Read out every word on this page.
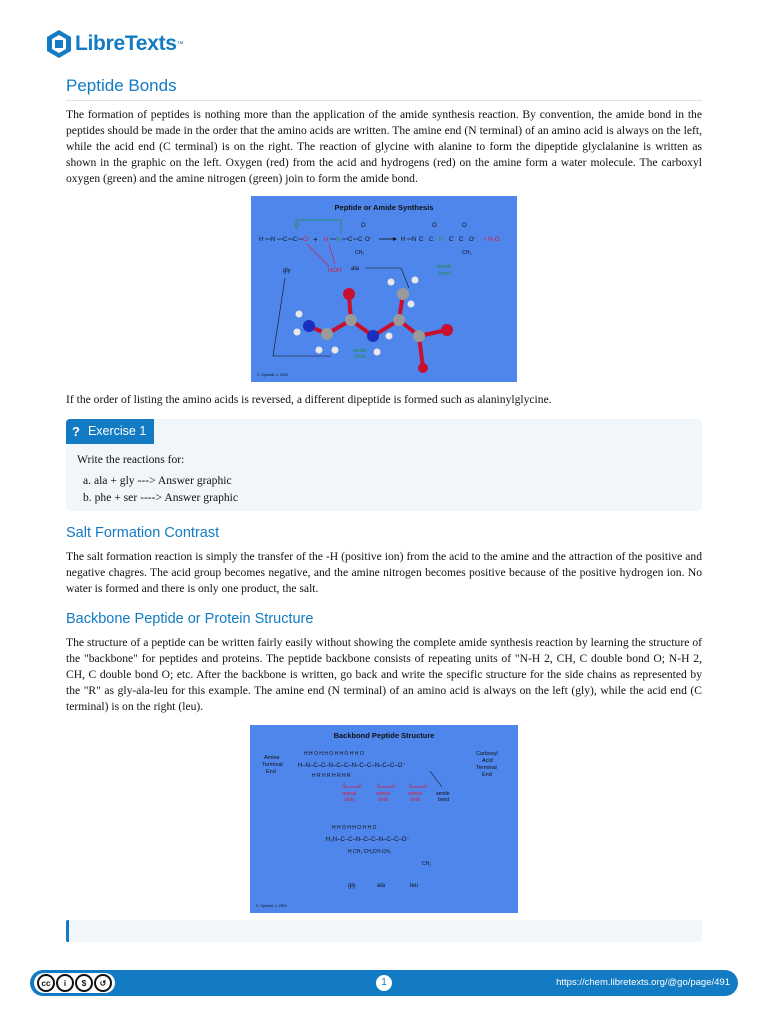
LibreTexts ™
Peptide Bonds

The formation of peptides is nothing more than the application of the amide synthesis reaction. By convention, the amide bond in the peptides should be made in the order that the amino acids are written. The amine end (N terminal) of an amino acid is always on the left, while the acid end (C terminal) is on the right. The reaction of glycine with alanine to form the dipeptide glyclalanine is written as shown in the graphic on the left. Oxygen (red) from the acid and hydrogens (red) on the amine form a water molecule. The carboxyl oxygen (green) and the amine nitrogen (green) join to form the amide bond.

Peptide or Amide Synthesis
H N C C O⁻ + H N C C O⁻	H N C C N C C O⁻ + H₂O
O	O	O	O
CH₃	CH₃
HOH
gly	ala	amide
bond
amide
bond
C. Ophardt, c. 2003

If the order of listing the amino acids is reversed, a different dipeptide is formed such as alaninylglycine.

? Exercise 1
Write the reactions for:
a. ala + gly ---> Answer graphic
b. phe + ser ----> Answer graphic
Salt Formation Contrast

The salt formation reaction is simply the transfer of the -H (positive ion) from the acid to the amine and the attraction of the positive and negative chagres. The acid group becomes negative, and the amine nitrogen becomes positive because of the positive hydrogen ion. No water is formed and there is only one product, the salt.

Backbone Peptide or Protein Structure

The structure of a peptide can be written fairly easily without showing the complete amide synthesis reaction by learning the structure of the "backbone" for peptides and proteins. The peptide backbone consists of repeating units of "N-H 2, CH, C double bond O; N-H 2, CH, C double bond O; etc. After the backbone is written, go back and write the specific structure for the side chains as represented by the "R" as gly-ala-leu for this example. The amine end (N terminal) of an amino acid is always on the left (gly), while the acid end (C terminal) is on the right (leu).

Backbond Peptide Structure
Amine
Terminal
End
Carboxyl
Acid
Terminal
End
H–N–C–C–N–C–C–N–C–C–N–C–C–O⁻
H H O H H O H H O H H O
H R H R H R H R
repeat
units
repeat
units
repeat
units
amide
bond
H H O H H O H H O
H₃N–C–C–N–C–C–N–C–C–O⁻
H CH₃ CH₂CH-CH₃
CH₃
gly	ala	leu
C. Ophardt, c. 2003
cc	i	$	↺	1	https://chem.libretexts.org/@go/page/491
